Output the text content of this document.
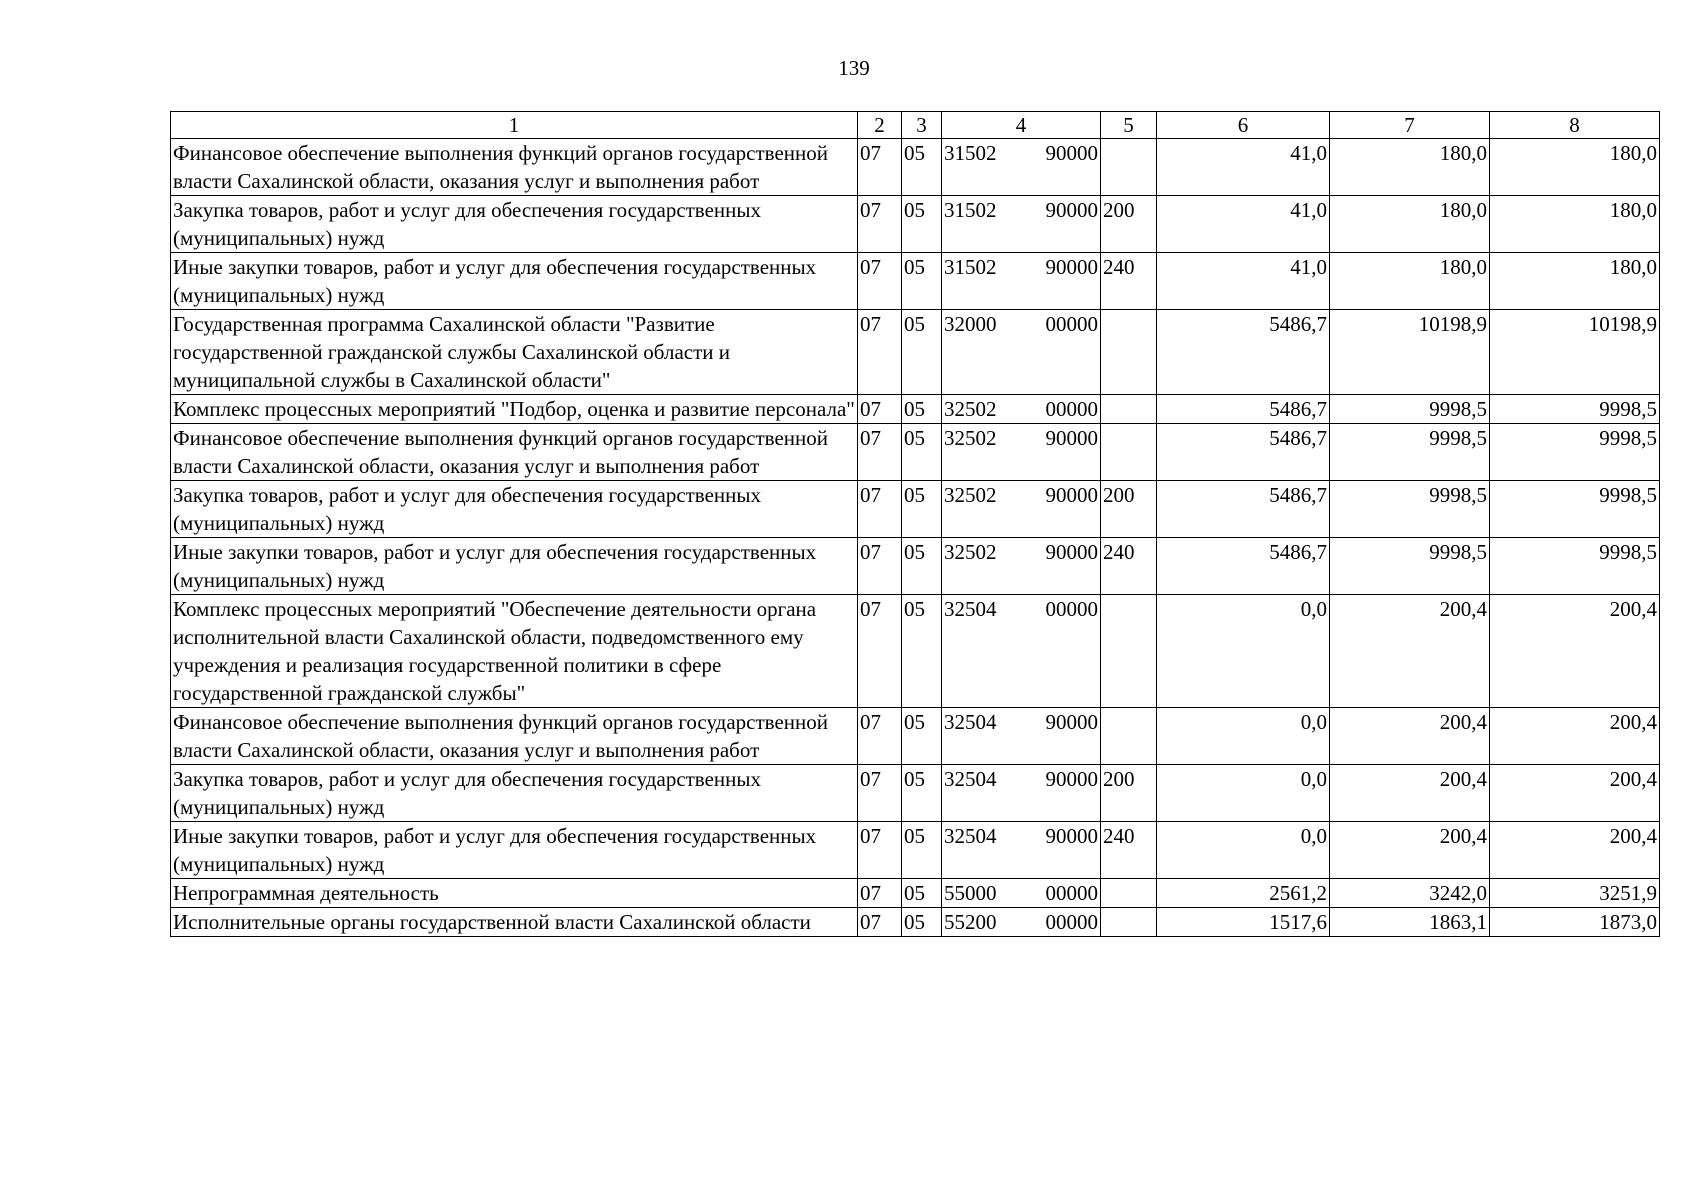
139
1	2	3	4	5	6	7	8
Финансовое обеспечение выполнения функций органов государственной власти Сахалинской области, оказания услуг и выполнения работ	07	05	31502 90000		41,0	180,0	180,0
Закупка товаров, работ и услуг для обеспечения государственных (муниципальных) нужд	07	05	31502 90000	200	41,0	180,0	180,0
Иные закупки товаров, работ и услуг для обеспечения государственных (муниципальных) нужд	07	05	31502 90000	240	41,0	180,0	180,0
Государственная программа Сахалинской области "Развитие государственной гражданской службы Сахалинской области и муниципальной службы в Сахалинской области"	07	05	32000 00000		5486,7	10198,9	10198,9
Комплекс процессных мероприятий "Подбор, оценка и развитие персонала"	07	05	32502 00000		5486,7	9998,5	9998,5
Финансовое обеспечение выполнения функций органов государственной власти Сахалинской области, оказания услуг и выполнения работ	07	05	32502 90000		5486,7	9998,5	9998,5
Закупка товаров, работ и услуг для обеспечения государственных (муниципальных) нужд	07	05	32502 90000	200	5486,7	9998,5	9998,5
Иные закупки товаров, работ и услуг для обеспечения государственных (муниципальных) нужд	07	05	32502 90000	240	5486,7	9998,5	9998,5
Комплекс процессных мероприятий "Обеспечение деятельности органа исполнительной власти Сахалинской области, подведомственного ему учреждения и реализация государственной политики в сфере государственной гражданской службы"	07	05	32504 00000		0,0	200,4	200,4
Финансовое обеспечение выполнения функций органов государственной власти Сахалинской области, оказания услуг и выполнения работ	07	05	32504 90000		0,0	200,4	200,4
Закупка товаров, работ и услуг для обеспечения государственных (муниципальных) нужд	07	05	32504 90000	200	0,0	200,4	200,4
Иные закупки товаров, работ и услуг для обеспечения государственных (муниципальных) нужд	07	05	32504 90000	240	0,0	200,4	200,4
Непрограммная деятельность	07	05	55000 00000		2561,2	3242,0	3251,9
Исполнительные органы государственной власти Сахалинской области	07	05	55200 00000		1517,6	1863,1	1873,0
